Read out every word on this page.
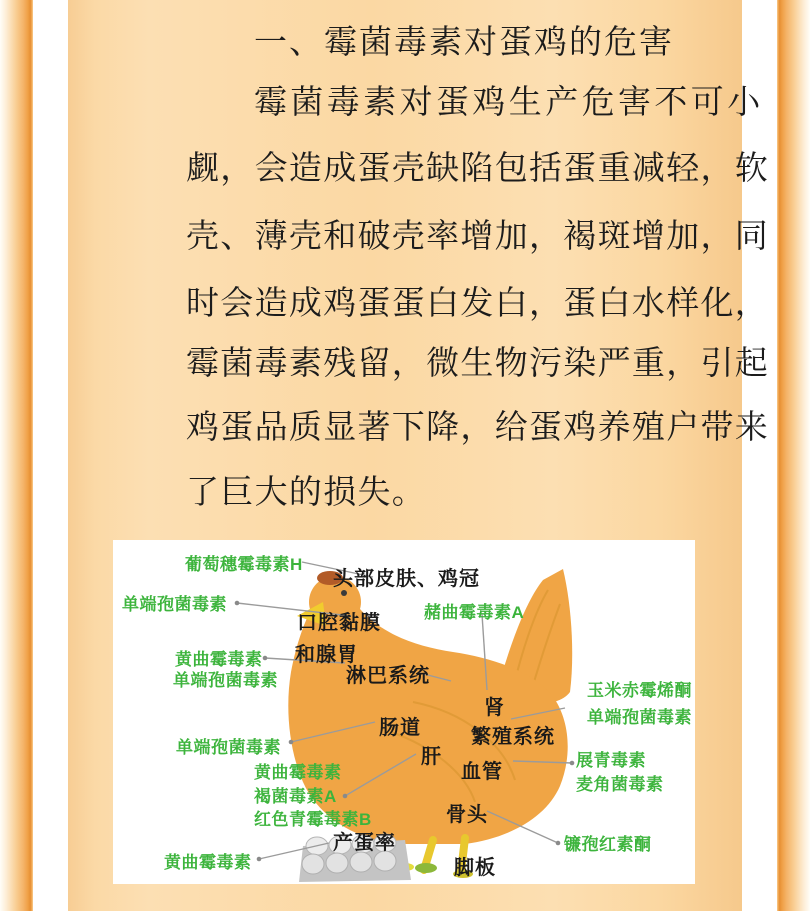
一、霉菌毒素对蛋鸡的危害
霉菌毒素对蛋鸡生产危害不可小
觑，会造成蛋壳缺陷包括蛋重减轻，软
壳、薄壳和破壳率增加，褐斑增加，同
时会造成鸡蛋蛋白发白，蛋白水样化，
霉菌毒素残留，微生物污染严重，引起
鸡蛋品质显著下降，给蛋鸡养殖户带来
了巨大的损失。
葡萄穗霉毒素H
单端孢菌毒素
黄曲霉毒素
单端孢菌毒素
单端孢菌毒素
黄曲霉毒素
褐菌毒素A
红色青霉毒素B
黄曲霉毒素
赭曲霉毒素A
玉米赤霉烯酮
单端孢菌毒素
展青毒素
麦角菌毒素
镰孢红素酮
头部皮肤、鸡冠
口腔黏膜
和腺胃
淋巴系统
肾
肠道	繁殖系统
肝
血管
骨头
产蛋率
脚板
